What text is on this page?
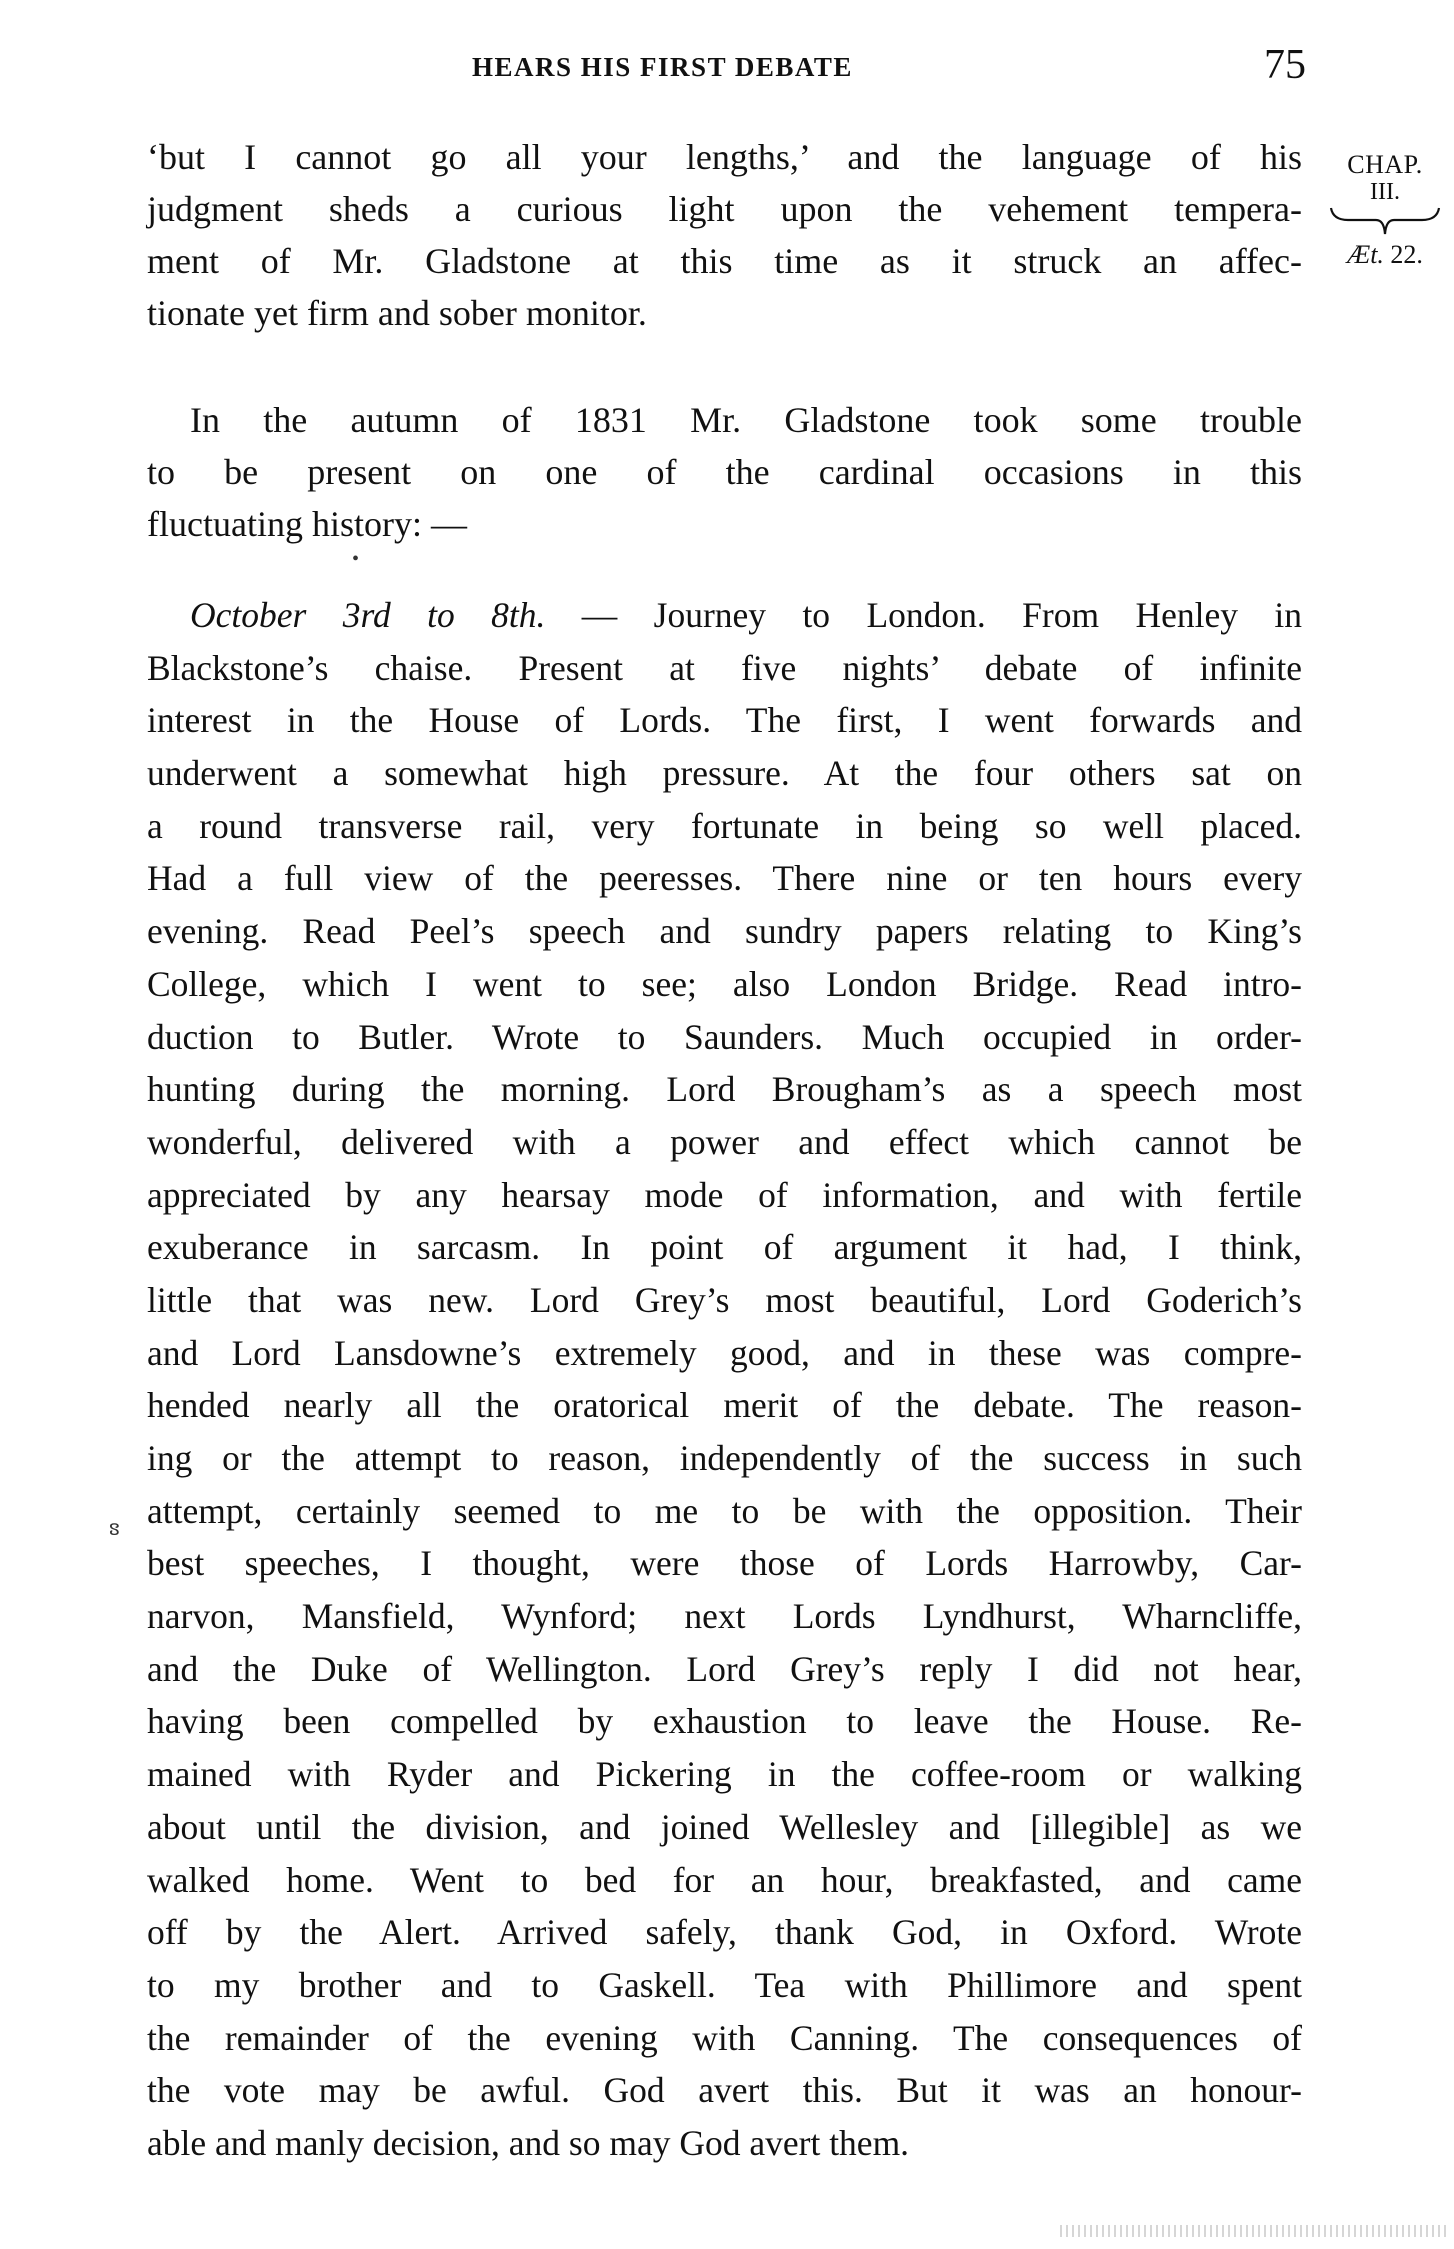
HEARS HIS FIRST DEBATE	75
CHAP.
III.
Æt. 22.
‘but I cannot go all your lengths,’ and the language of his
judgment sheds a curious light upon the vehement tempera-
ment of Mr. Gladstone at this time as it struck an affec-
tionate yet firm and sober monitor.
In the autumn of 1831 Mr. Gladstone took some trouble
to be present on one of the cardinal occasions in this
fluctuating history: —
•
October 3rd to 8th. — Journey to London. From Henley in
Blackstone’s chaise. Present at five nights’ debate of infinite
interest in the House of Lords. The first, I went forwards and
underwent a somewhat high pressure. At the four others sat on
a round transverse rail, very fortunate in being so well placed.
Had a full view of the peeresses. There nine or ten hours every
evening. Read Peel’s speech and sundry papers relating to King’s
College, which I went to see; also London Bridge. Read intro-
duction to Butler. Wrote to Saunders. Much occupied in order-
hunting during the morning. Lord Brougham’s as a speech most
wonderful, delivered with a power and effect which cannot be
appreciated by any hearsay mode of information, and with fertile
exuberance in sarcasm. In point of argument it had, I think,
little that was new. Lord Grey’s most beautiful, Lord Goderich’s
and Lord Lansdowne’s extremely good, and in these was compre-
hended nearly all the oratorical merit of the debate. The reason-
ing or the attempt to reason, independently of the success in such
attempt, certainly seemed to me to be with the opposition. Their
best speeches, I thought, were those of Lords Harrowby, Car-
narvon, Mansfield, Wynford; next Lords Lyndhurst, Wharncliffe,
and the Duke of Wellington. Lord Grey’s reply I did not hear,
having been compelled by exhaustion to leave the House. Re-
mained with Ryder and Pickering in the coffee-room or walking
about until the division, and joined Wellesley and [illegible] as we
walked home. Went to bed for an hour, breakfasted, and came
off by the Alert. Arrived safely, thank God, in Oxford. Wrote
to my brother and to Gaskell. Tea with Phillimore and spent
the remainder of the evening with Canning. The consequences of
the vote may be awful. God avert this. But it was an honour-
able and manly decision, and so may God avert them.
ៜ
